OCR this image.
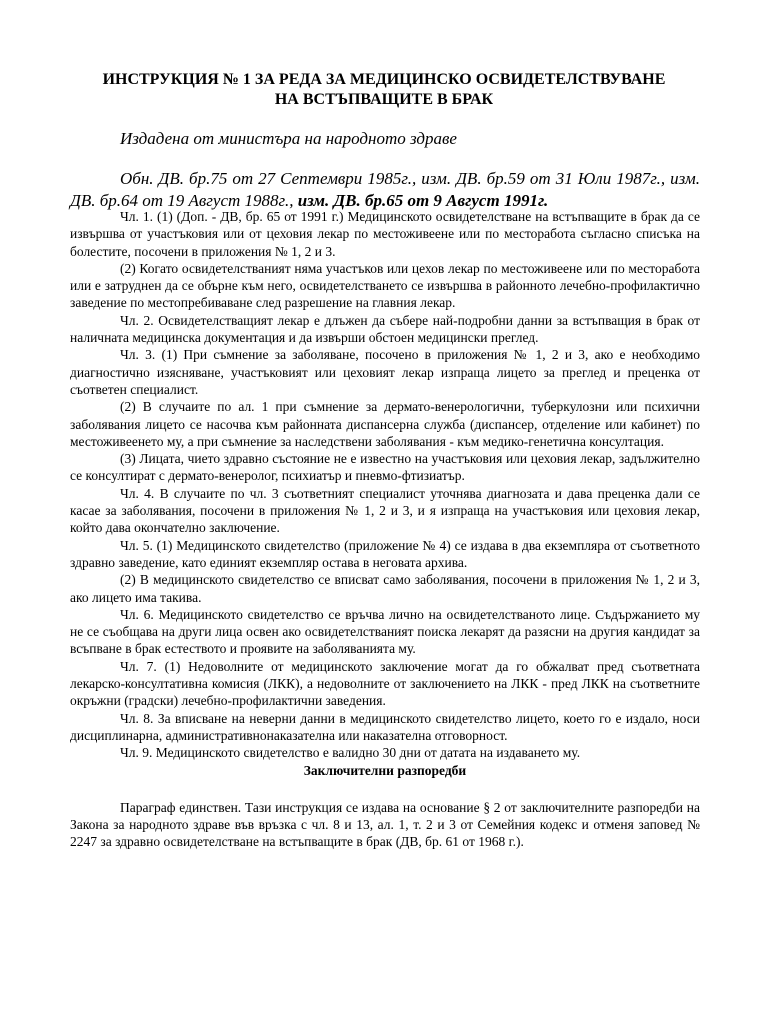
ИНСТРУКЦИЯ № 1 ЗА РЕДА ЗА МЕДИЦИНСКО ОСВИДЕТЕЛСТВУВАНЕ
НА ВСТЪПВАЩИТЕ В БРАК

Издадена от министъра на народното здраве

Обн. ДВ. бр.75 от 27 Септември 1985г., изм. ДВ. бр.59 от 31 Юли 1987г., изм. ДВ. бр.64 от 19 Август 1988г., изм. ДВ. бр.65 от 9 Август 1991г.

Чл. 1. (1) (Доп. - ДВ, бр. 65 от 1991 г.) Медицинското освидетелстване на встъпващите в брак да се извършва от участъковия или от цеховия лекар по местоживеене или по месторабота съгласно списъка на болестите, посочени в приложения № 1, 2 и 3.

(2) Когато освидетелстваният няма участъков или цехов лекар по местоживеене или по месторабота или е затруднен да се обърне към него, освидетелстването се извършва в районното лечебно-профилактично заведение по местопребиваване след разрешение на главния лекар.

Чл. 2. Освидетелстващият лекар е длъжен да събере най-подробни данни за встъпващия в брак от наличната медицинска документация и да извърши обстоен медицински преглед.

Чл. 3. (1) При съмнение за заболяване, посочено в приложения № 1, 2 и 3, ако е необходимо диагностично изясняване, участъковият или цеховият лекар изпраща лицето за преглед и преценка от съответен специалист.

(2) В случаите по ал. 1 при съмнение за дермато-венерологични, туберкулозни или психични заболявания лицето се насочва към районната диспансерна служба (диспансер, отделение или кабинет) по местоживеенето му, а при съмнение за наследствени заболявания - към медико-генетична консултация.

(3) Лицата, чието здравно състояние не е известно на участъковия или цеховия лекар, задължително се консултират с дермато-венеролог, психиатър и пневмо-фтизиатър.

Чл. 4. В случаите по чл. 3 съответният специалист уточнява диагнозата и дава преценка дали се касае за заболявания, посочени в приложения № 1, 2 и 3, и я изпраща на участъковия или цеховия лекар, който дава окончателно заключение.

Чл. 5. (1) Медицинското свидетелство (приложение № 4) се издава в два екземпляра от съответното здравно заведение, като единият екземпляр остава в неговата архива.

(2) В медицинското свидетелство се вписват само заболявания, посочени в приложения № 1, 2 и 3, ако лицето има такива.

Чл. 6. Медицинското свидетелство се връчва лично на освидетелстваното лице. Съдържанието му не се съобщава на други лица освен ако освидетелстваният поиска лекарят да разясни на другия кандидат за всъпване в брак естеството и проявите на заболяванията му.

Чл. 7. (1) Недоволните от медицинското заключение могат да го обжалват пред съответната лекарско-консултативна комисия (ЛКК), а недоволните от заключението на ЛКК - пред ЛКК на съответните окръжни (градски) лечебно-профилактични заведения.

Чл. 8. За вписване на неверни данни в медицинското свидетелство лицето, което го е издало, носи дисциплинарна, административнонаказателна или наказателна отговорност.

Чл. 9. Медицинското свидетелство е валидно 30 дни от датата на издаването му.

Заключителни разпоредби

Параграф единствен. Тази инструкция се издава на основание § 2 от заключителните разпоредби на Закона за народното здраве във връзка с чл. 8 и 13, ал. 1, т. 2 и 3 от Семейния кодекс и отменя заповед № 2247 за здравно освидетелстване на встъпващите в брак (ДВ, бр. 61 от 1968 г.).
